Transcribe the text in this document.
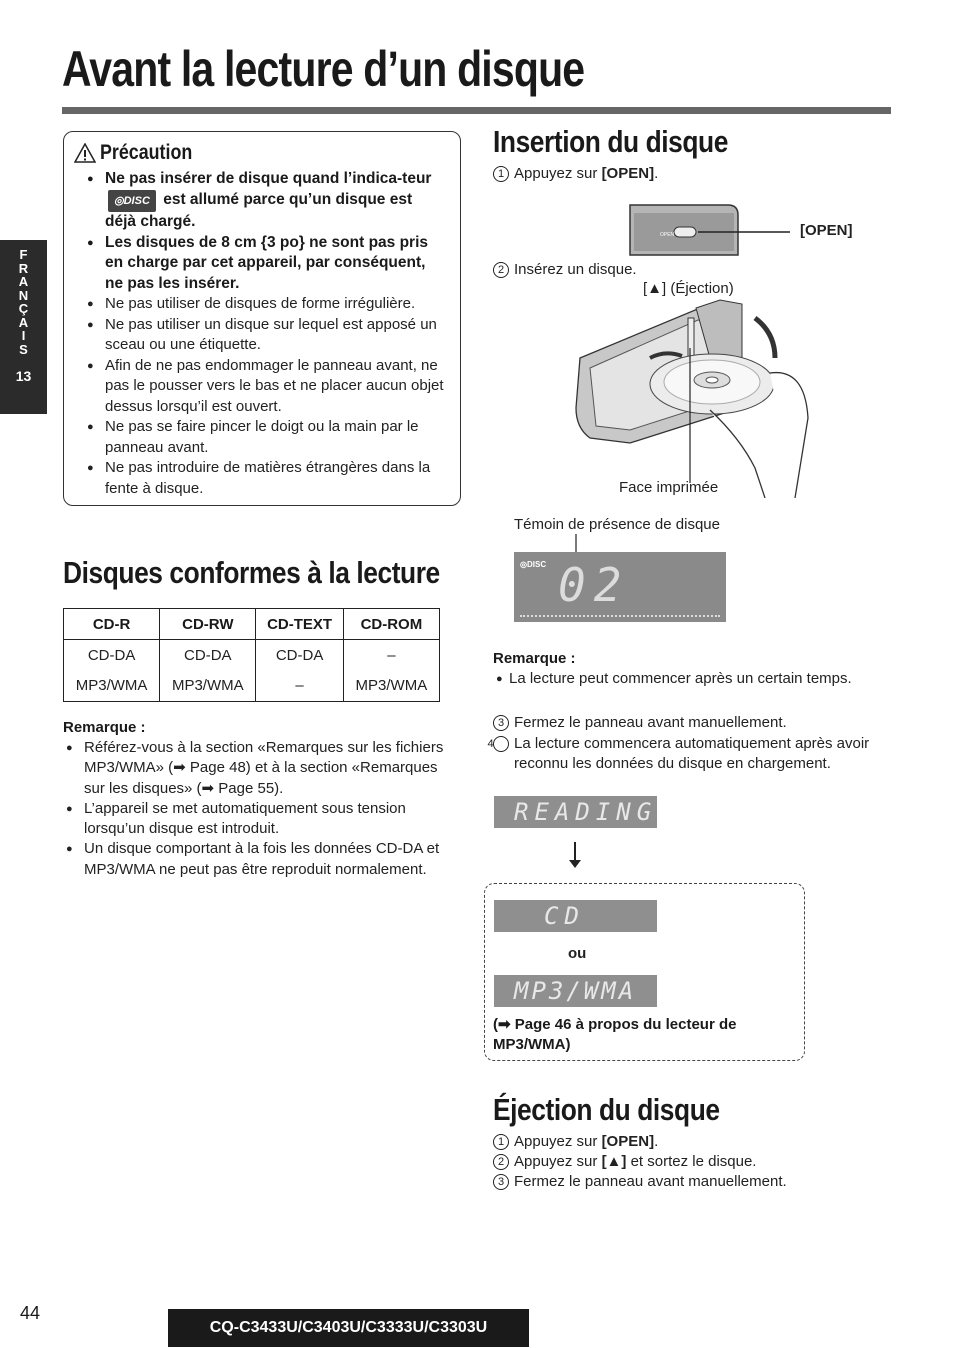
Avant la lecture d’un disque
F
R
A
N
Ç
A
I
S
13
Précaution
● Ne pas insérer de disque quand l’indica-teur ◎DISC est allumé parce qu’un disque est déjà chargé.
● Les disques de 8 cm {3 po} ne sont pas pris en charge par cet appareil, par conséquent, ne pas les insérer.
● Ne pas utiliser de disques de forme irrégulière.
● Ne pas utiliser un disque sur lequel est apposé un sceau ou une étiquette.
● Afin de ne pas endommager le panneau avant, ne pas le pousser vers le bas et ne placer aucun objet dessus lorsqu’il est ouvert.
● Ne pas se faire pincer le doigt ou la main par le panneau avant.
● Ne pas introduire de matières étrangères dans la fente à disque.
Disques conformes à la lecture
CD-R	CD-RW	CD-TEXT	CD-ROM
CD-DA	CD-DA	CD-DA	–
MP3/WMA	MP3/WMA	–	MP3/WMA
Remarque :
● Référez-vous à la section «Remarques sur les fichiers MP3/WMA» (➡ Page 48) et à la section «Remarques sur les disques» (➡ Page 55).
● L’appareil se met automatiquement sous tension lorsqu’un disque est introduit.
● Un disque comportant à la fois les données CD-DA et MP3/WMA ne peut pas être reproduit normalement.
Insertion du disque
1 Appuyez sur [OPEN].
OPEN	[OPEN]
2 Insérez un disque.
[▲] (Éjection)
Face imprimée
Témoin de présence de disque
02
◎DISC
Remarque :
● La lecture peut commencer après un certain temps.
3 Fermez le panneau avant manuellement.
4 La lecture commencera automatiquement après avoir reconnu les données du disque en chargement.
READING
CD
ou
MP3/WMA
(➡ Page 46 à propos du lecteur de MP3/WMA)
Éjection du disque
1 Appuyez sur [OPEN].
2 Appuyez sur [▲] et sortez le disque.
3 Fermez le panneau avant manuellement.
44
CQ-C3433U/C3403U/C3333U/C3303U
